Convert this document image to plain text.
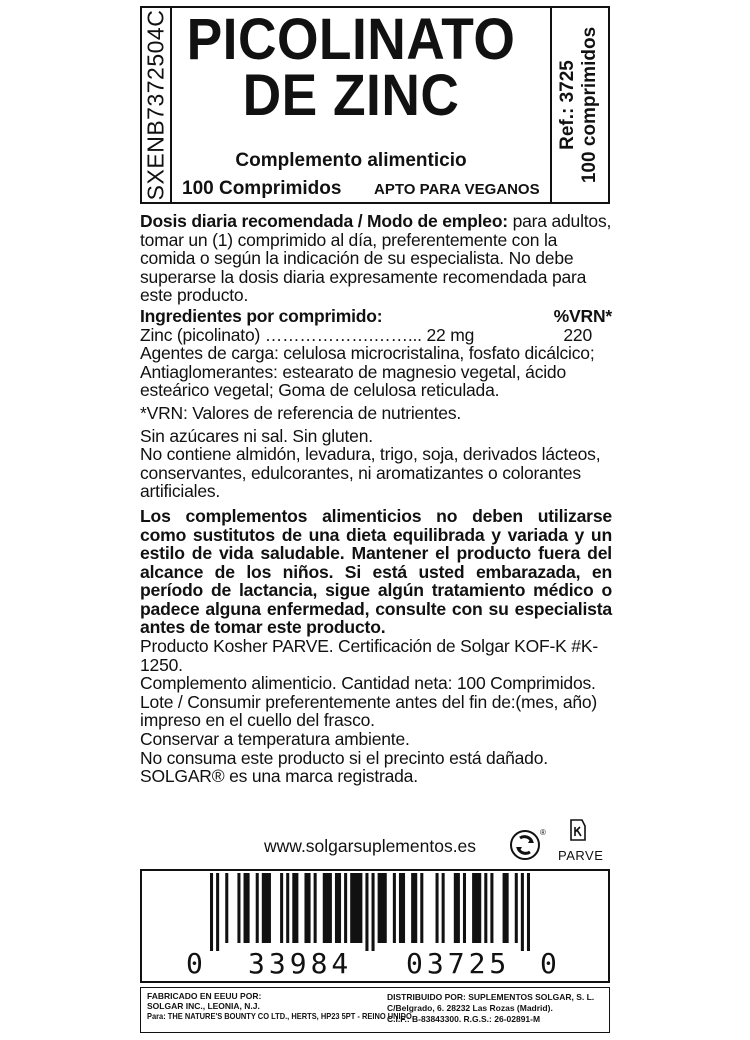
SXENB7372504C PICOLINATO
DE ZINC
Complemento alimenticio
100 Comprimidos APTO PARA VEGANOS
Ref.: 3725 100 comprimidos

Dosis diaria recomendada / Modo de empleo: para adultos, tomar un (1) comprimido al día, preferentemente con la comida o según la indicación de su especialista. No debe superarse la dosis diaria expresamente recomendada para este producto.

Ingredientes por comprimido:	%VRN*
Zinc (picolinato) ……………….……... 22 mg	220

Agentes de carga: celulosa microcristalina, fosfato dicálcico; Antiaglomerantes: estearato de magnesio vegetal, ácido esteárico vegetal; Goma de celulosa reticulada.

*VRN: Valores de referencia de nutrientes.

Sin azúcares ni sal. Sin gluten.

No contiene almidón, levadura, trigo, soja, derivados lácteos, conservantes, edulcorantes, ni aromatizantes o colorantes artificiales.

Los complementos alimenticios no deben utilizarse como sustitutos de una dieta equilibrada y variada y un estilo de vida saludable. Mantener el producto fuera del alcance de los niños. Si está usted embarazada, en período de lactancia, sigue algún tratamiento médico o padece alguna enfermedad, consulte con su especialista antes de tomar este producto.

Producto Kosher PARVE. Certificación de Solgar KOF-K #K-1250.

Complemento alimenticio. Cantidad neta: 100 Comprimidos.

Lote / Consumir preferentemente antes del fin de:(mes, año) impreso en el cuello del frasco.

Conservar a temperatura ambiente.

No consuma este producto si el precinto está dañado.

SOLGAR® es una marca registrada.

www.solgarsuplementos.es
®
PARVE
0 33984 03725 0
FABRICADO EN EEUU POR:
SOLGAR INC., LEONIA, N.J.
Para: THE NATURE'S BOUNTY CO LTD., HERTS, HP23 5PT - REINO UNIDO.
DISTRIBUIDO POR: SUPLEMENTOS SOLGAR, S. L.
C/Belgrado, 6. 28232 Las Rozas (Madrid).
C.I.F.: B-83843300. R.G.S.: 26-02891-M
